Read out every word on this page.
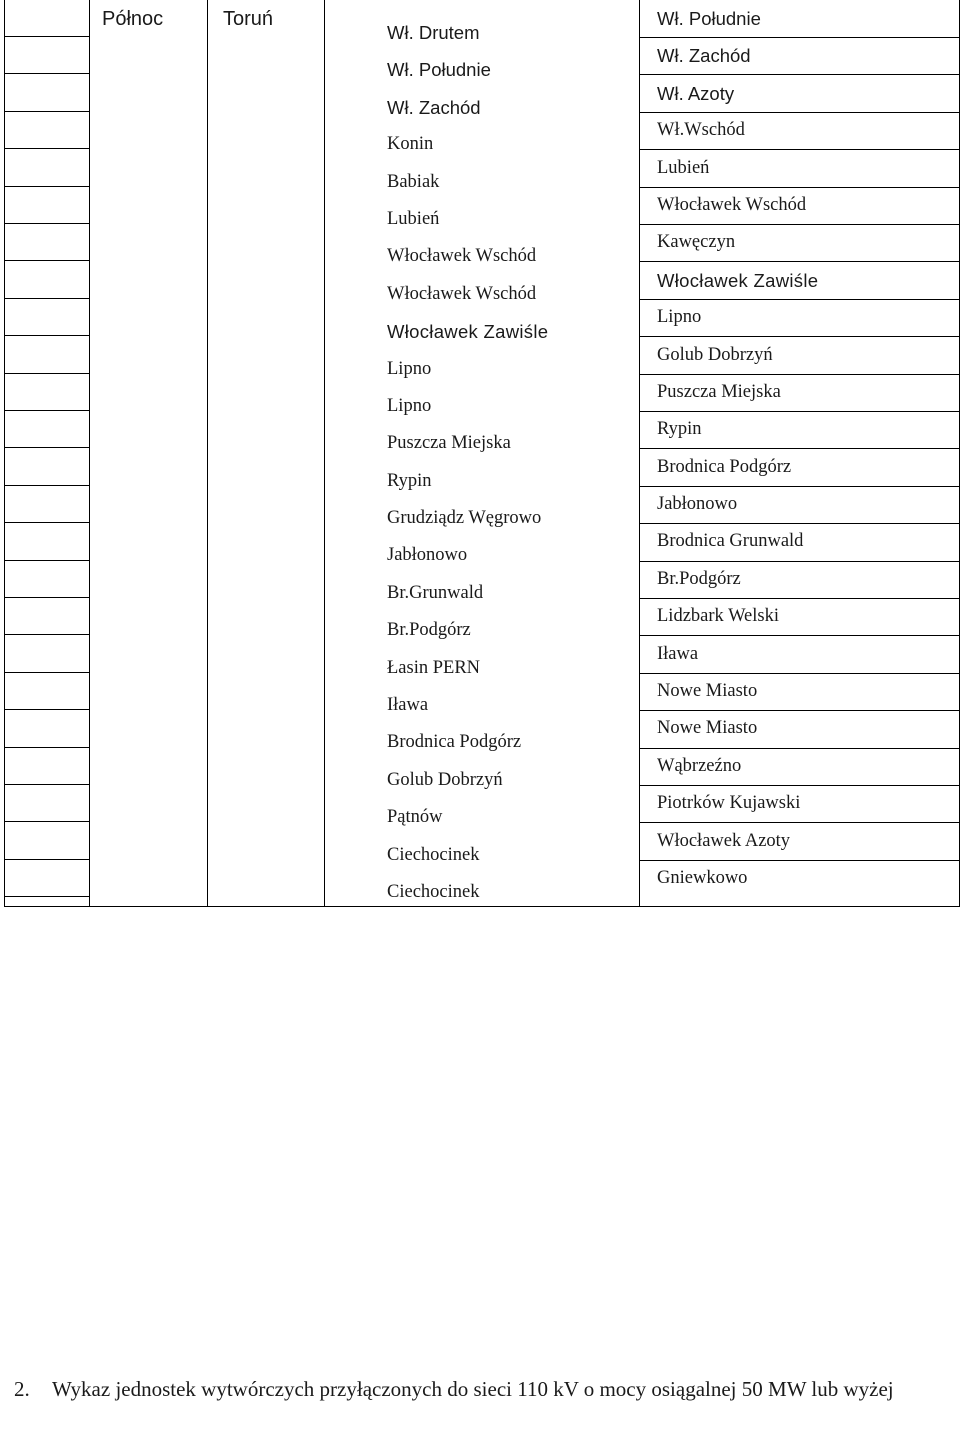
Północ	Toruń
Wł. Drutem
Wł. Południe
Wł. Zachód
Konin
Babiak
Lubień
Włocławek Wschód
Włocławek Wschód
Włocławek Zawiśle
Lipno
Lipno
Puszcza Miejska
Rypin
Grudziądz Węgrowo
Jabłonowo
Br.Grunwald
Br.Podgórz
Łasin PERN
Iława
Brodnica Podgórz
Golub Dobrzyń
Pątnów
Ciechocinek
Ciechocinek
Wł. Południe
Wł. Zachód
Wł. Azoty
Wł.Wschód
Lubień
Włocławek Wschód
Kawęczyn
Włocławek Zawiśle
Lipno
Golub Dobrzyń
Puszcza Miejska
Rypin
Brodnica Podgórz
Jabłonowo
Brodnica Grunwald
Br.Podgórz
Lidzbark Welski
Iława
Nowe Miasto
Nowe Miasto
Wąbrzeźno
Piotrków Kujawski
Włocławek Azoty
Gniewkowo
2. Wykaz jednostek wytwórczych przyłączonych do sieci 110 kV o mocy osiągalnej 50 MW lub wyżej
